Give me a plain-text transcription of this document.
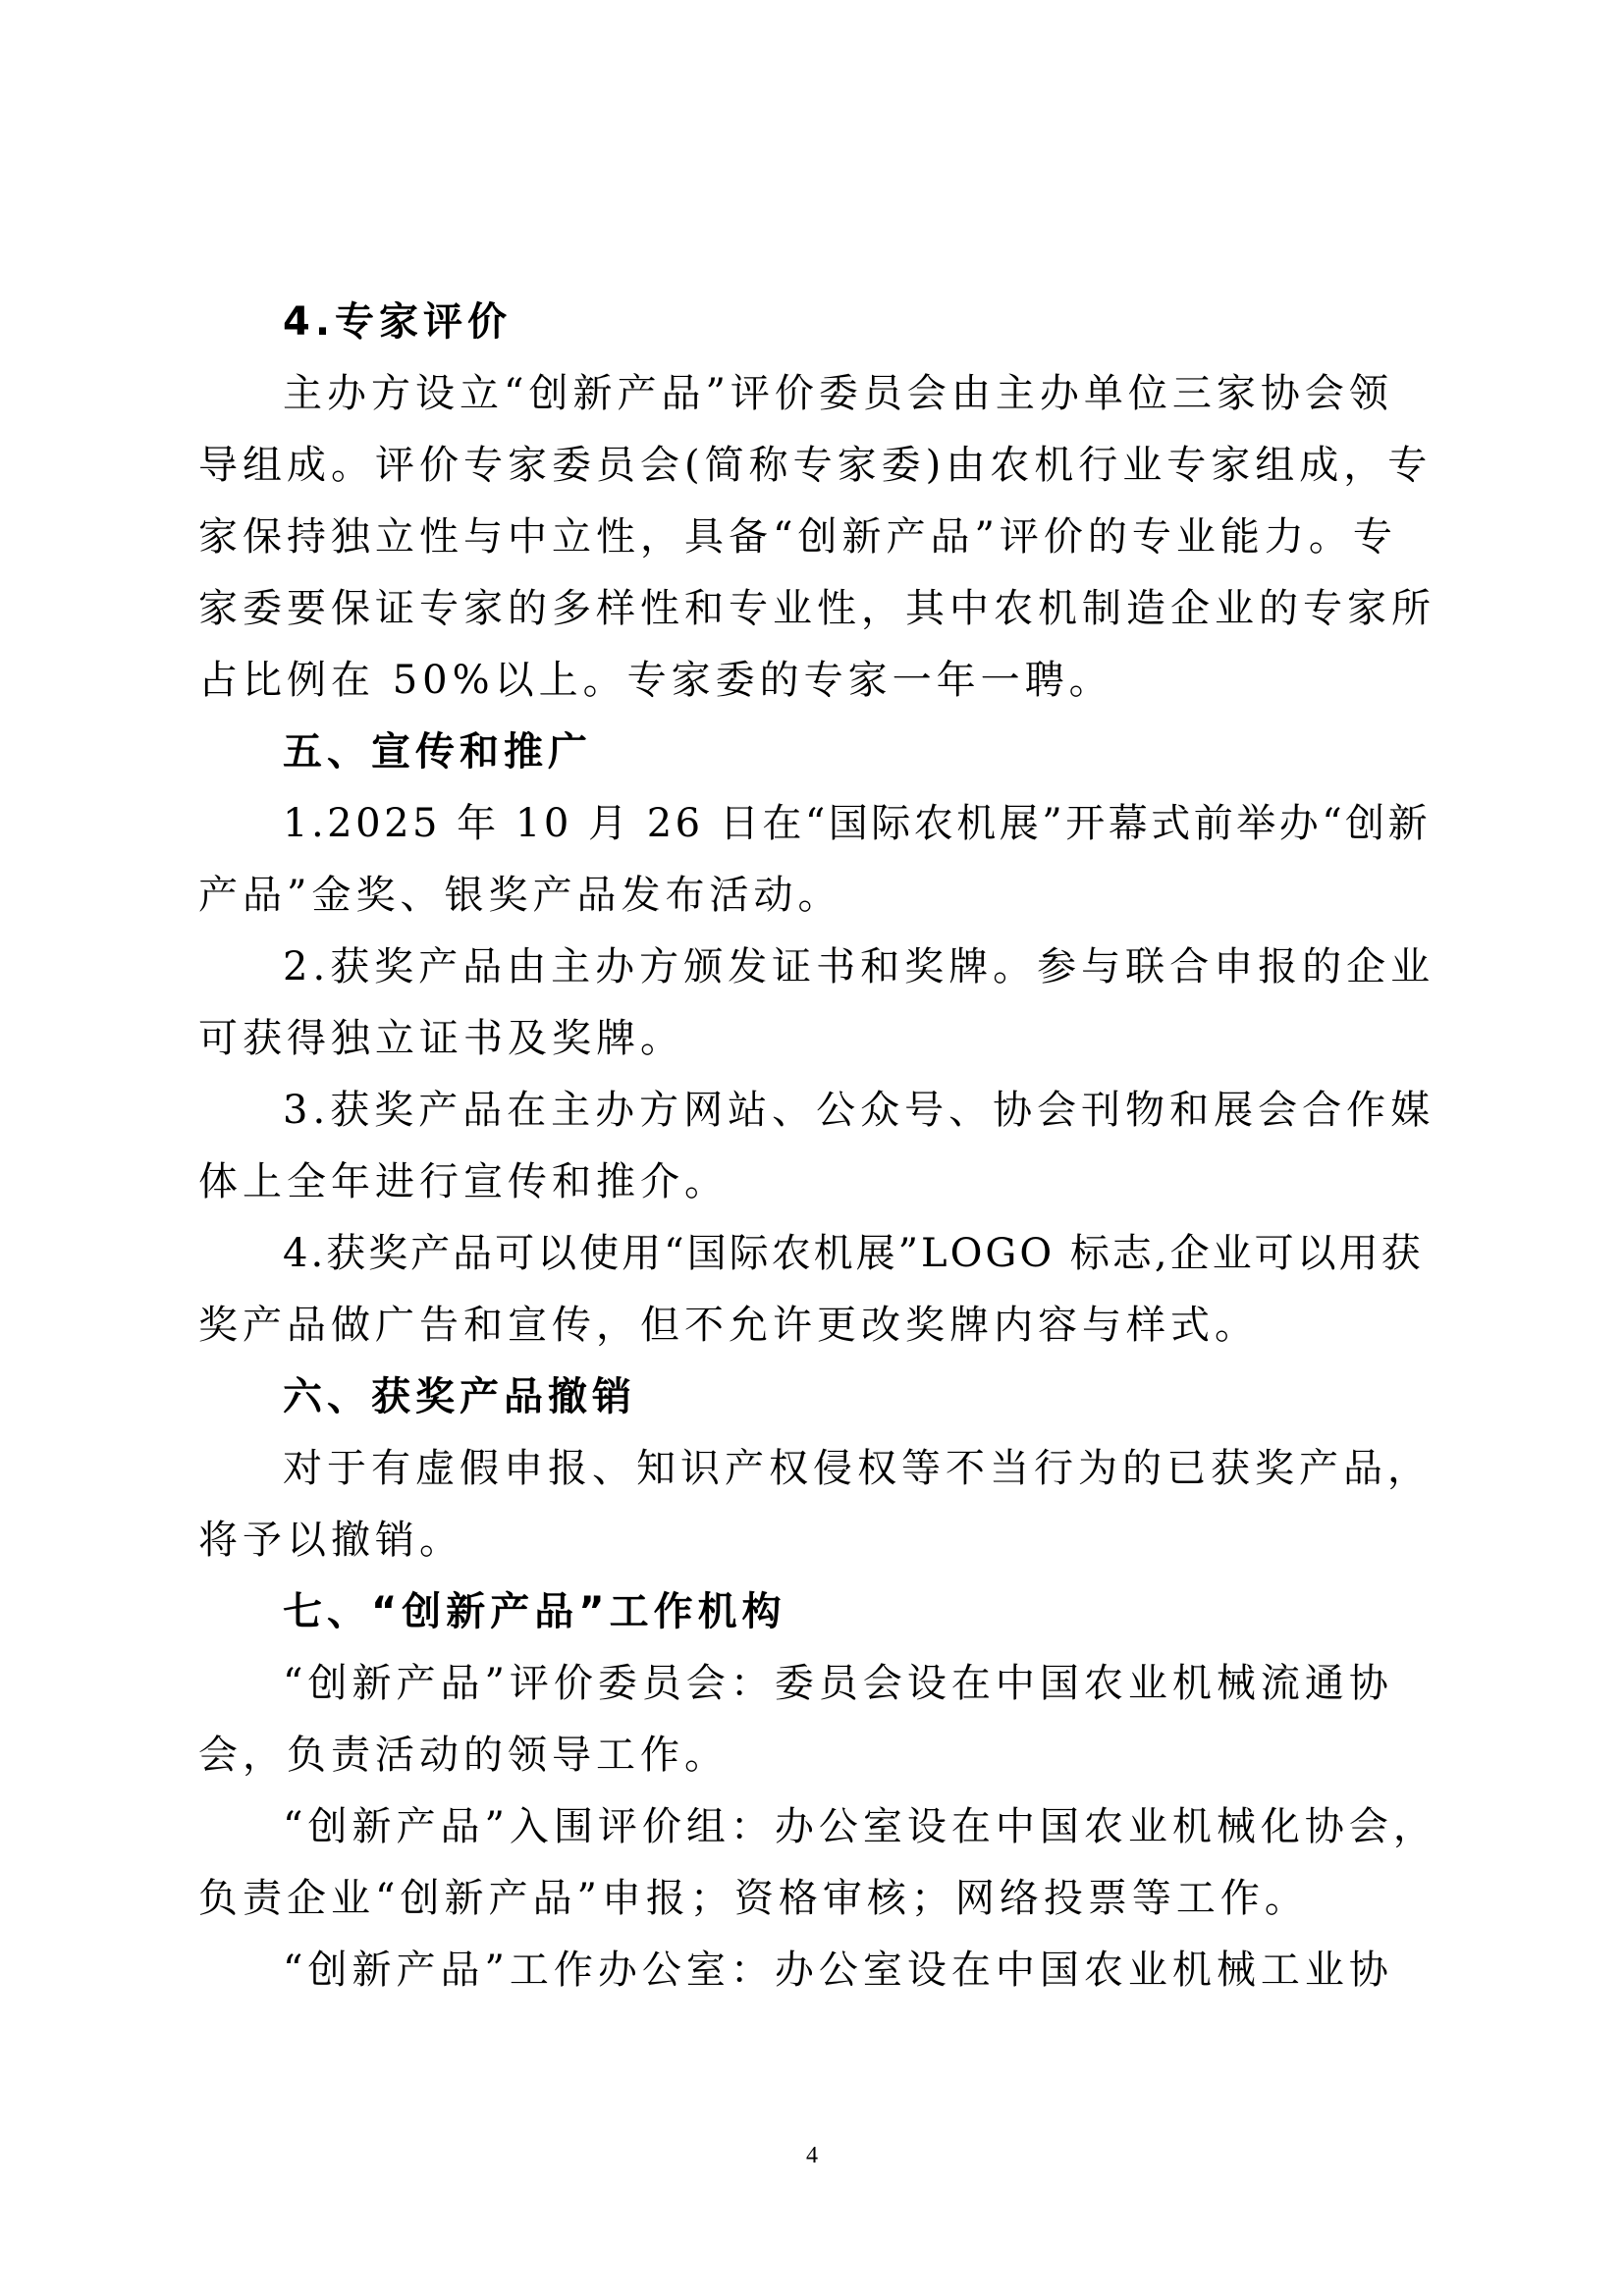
4.专家评价
主办方设立“创新产品”评价委员会由主办单位三家协会领
导组成。评价专家委员会(简称专家委)由农机行业专家组成，专
家保持独立性与中立性，具备“创新产品”评价的专业能力。专
家委要保证专家的多样性和专业性，其中农机制造企业的专家所
占比例在 50%以上。专家委的专家一年一聘。
五、宣传和推广
1.2025 年 10 月 26 日在“国际农机展”开幕式前举办“创新
产品”金奖、银奖产品发布活动。
2.获奖产品由主办方颁发证书和奖牌。参与联合申报的企业
可获得独立证书及奖牌。
3.获奖产品在主办方网站、公众号、协会刊物和展会合作媒
体上全年进行宣传和推介。
4.获奖产品可以使用“国际农机展”LOGO 标志,企业可以用获
奖产品做广告和宣传，但不允许更改奖牌内容与样式。
六、获奖产品撤销
对于有虚假申报、知识产权侵权等不当行为的已获奖产品，
将予以撤销。
七、“创新产品”工作机构
“创新产品”评价委员会：委员会设在中国农业机械流通协
会，负责活动的领导工作。
“创新产品”入围评价组：办公室设在中国农业机械化协会，
负责企业“创新产品”申报；资格审核；网络投票等工作。
“创新产品”工作办公室：办公室设在中国农业机械工业协
4
